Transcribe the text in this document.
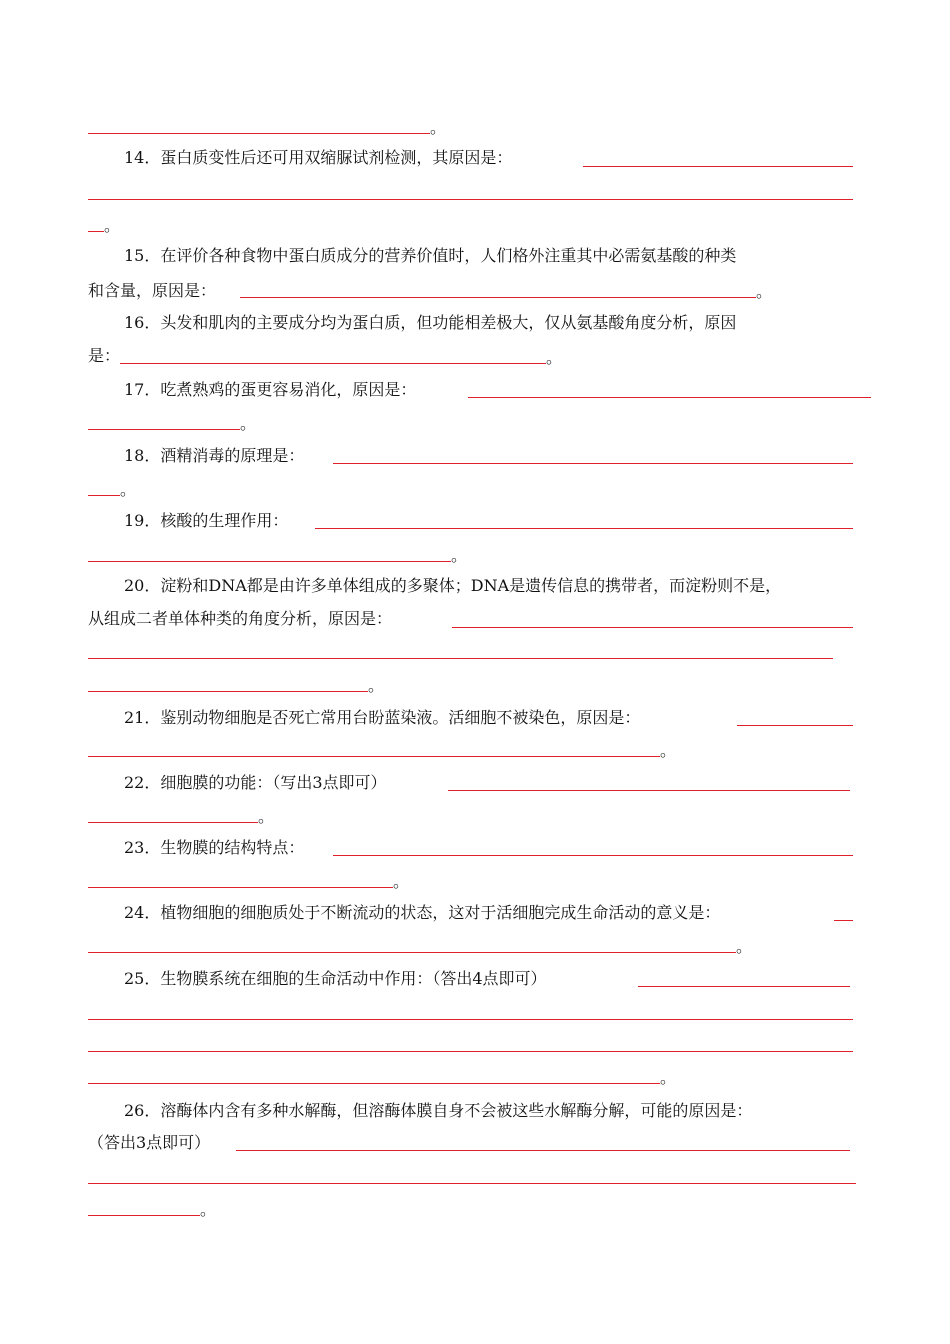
。
14．蛋白质变性后还可用双缩脲试剂检测，其原因是：
。
15．在评价各种食物中蛋白质成分的营养价值时，人们格外注重其中必需氨基酸的种类
和含量，原因是：	。
16．头发和肌肉的主要成分均为蛋白质，但功能相差极大，仅从氨基酸角度分析，原因
是：	。
17．吃煮熟鸡的蛋更容易消化，原因是：
。
18．酒精消毒的原理是：
。
19．核酸的生理作用：
。
20．淀粉和DNA都是由许多单体组成的多聚体；DNA是遗传信息的携带者，而淀粉则不是，
从组成二者单体种类的角度分析，原因是：
。
21．鉴别动物细胞是否死亡常用台盼蓝染液。活细胞不被染色，原因是：
。
22．细胞膜的功能：（写出3点即可）
。
23．生物膜的结构特点：
。
24．植物细胞的细胞质处于不断流动的状态，这对于活细胞完成生命活动的意义是：
。
25．生物膜系统在细胞的生命活动中作用：（答出4点即可）
。
26．溶酶体内含有多种水解酶，但溶酶体膜自身不会被这些水解酶分解，可能的原因是：
（答出3点即可）
。
